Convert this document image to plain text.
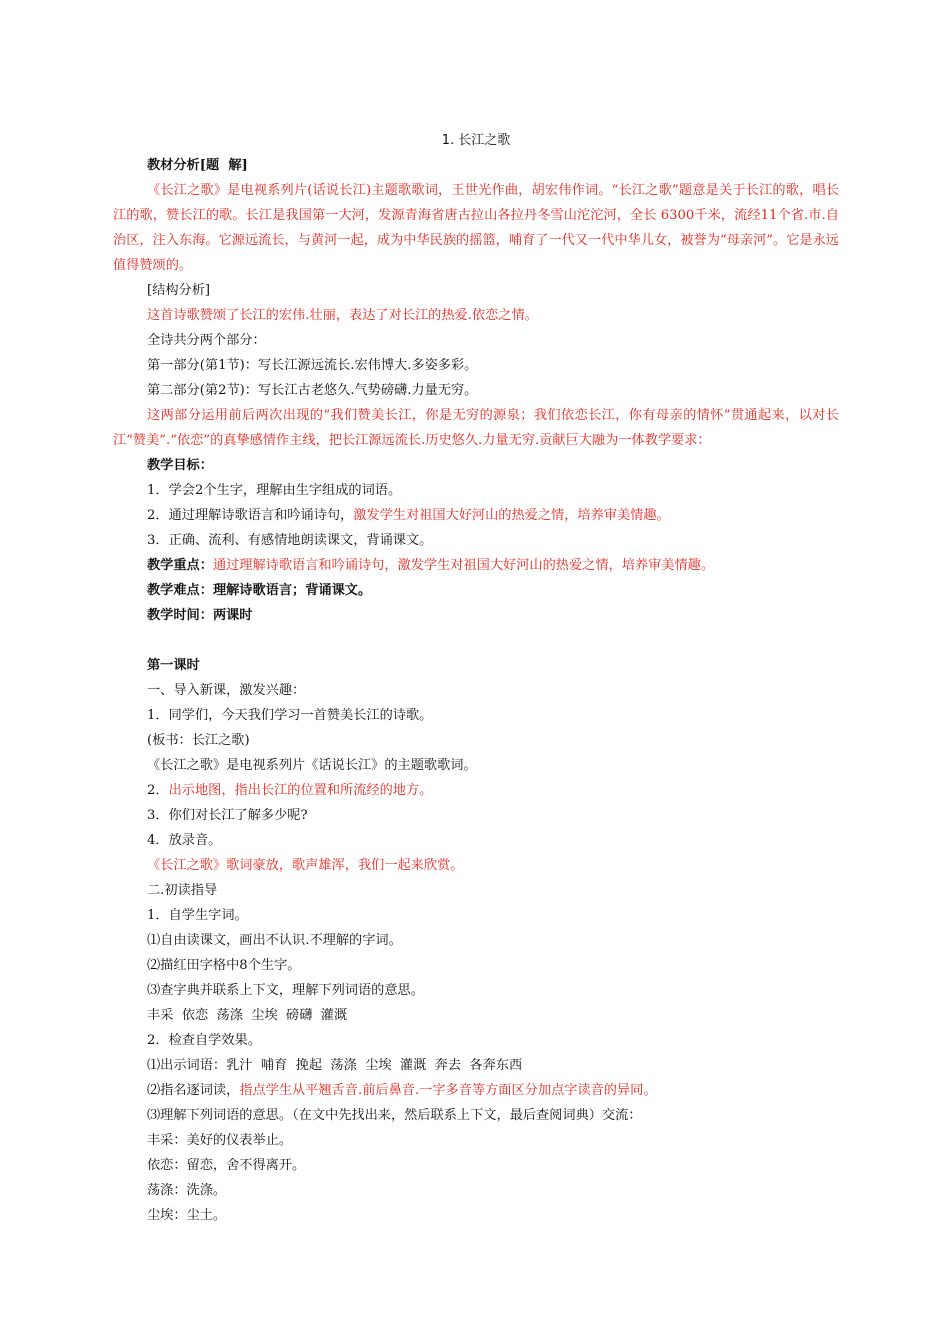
1. 长江之歌
教材分析[题  解]
《长江之歌》是电视系列片(话说长江)主题歌歌词，王世光作曲，胡宏伟作词。“长江之歌”题意是关于长江的歌，唱长江的歌，赞长江的歌。长江是我国第一大河，发源青海省唐古拉山各拉丹冬雪山沱沱河，全长 6300千米，流经11个省.市.自治区，注入东海。它源远流长，与黄河一起，成为中华民族的摇篮，哺育了一代又一代中华儿女，被誉为“母亲河”。它是永远值得赞颂的。
[结构分析]
这首诗歌赞颂了长江的宏伟.壮丽，表达了对长江的热爱.依恋之情。
全诗共分两个部分：
第一部分(第1节)：写长江源远流长.宏伟博大.多姿多彩。
第二部分(第2节)：写长江古老悠久.气势磅礴.力量无穷。
这两部分运用前后两次出现的“我们赞美长江，你是无穷的源泉；我们依恋长江，你有母亲的情怀”贯通起来，以对长江“赞美”.“依恋”的真挚感情作主线，把长江源远流长.历史悠久.力量无穷.贡献巨大融为一体教学要求：
教学目标：
1．学会2个生字，理解由生字组成的词语。
2．通过理解诗歌语言和吟诵诗句，激发学生对祖国大好河山的热爱之情，培养审美情趣。
3．正确、流利、有感情地朗读课文，背诵课文。
教学重点：通过理解诗歌语言和吟诵诗句，激发学生对祖国大好河山的热爱之情，培养审美情趣。
教学难点：理解诗歌语言；背诵课文。
教学时间：两课时
第一课时
一、导入新课，激发兴趣：
1．同学们，今天我们学习一首赞美长江的诗歌。
(板书：长江之歌)
《长江之歌》是电视系列片《话说长江》的主题歌歌词。
2．出示地图，指出长江的位置和所流经的地方。
3．你们对长江了解多少呢?
4．放录音。
《长江之歌》歌词豪放，歌声雄浑，我们一起来欣赏。
二.初读指导
1．自学生字词。
⑴自由读课文，画出不认识.不理解的字词。
⑵描红田字格中8个生字。
⑶查字典并联系上下文，理解下列词语的意思。
丰采  依恋  荡涤  尘埃  磅礴  灌溉
2．检查自学效果。
⑴出示词语：乳汁  哺育  挽起  荡涤  尘埃  灌溉  奔去  各奔东西
⑵指名逐词读，指点学生从平翘舌音.前后鼻音.一字多音等方面区分加点字读音的异同。
⑶理解下列词语的意思。（在文中先找出来，然后联系上下文，最后查阅词典）交流：
丰采：美好的仪表举止。
依恋：留恋，舍不得离开。
荡涤：洗涤。
尘埃：尘土。
